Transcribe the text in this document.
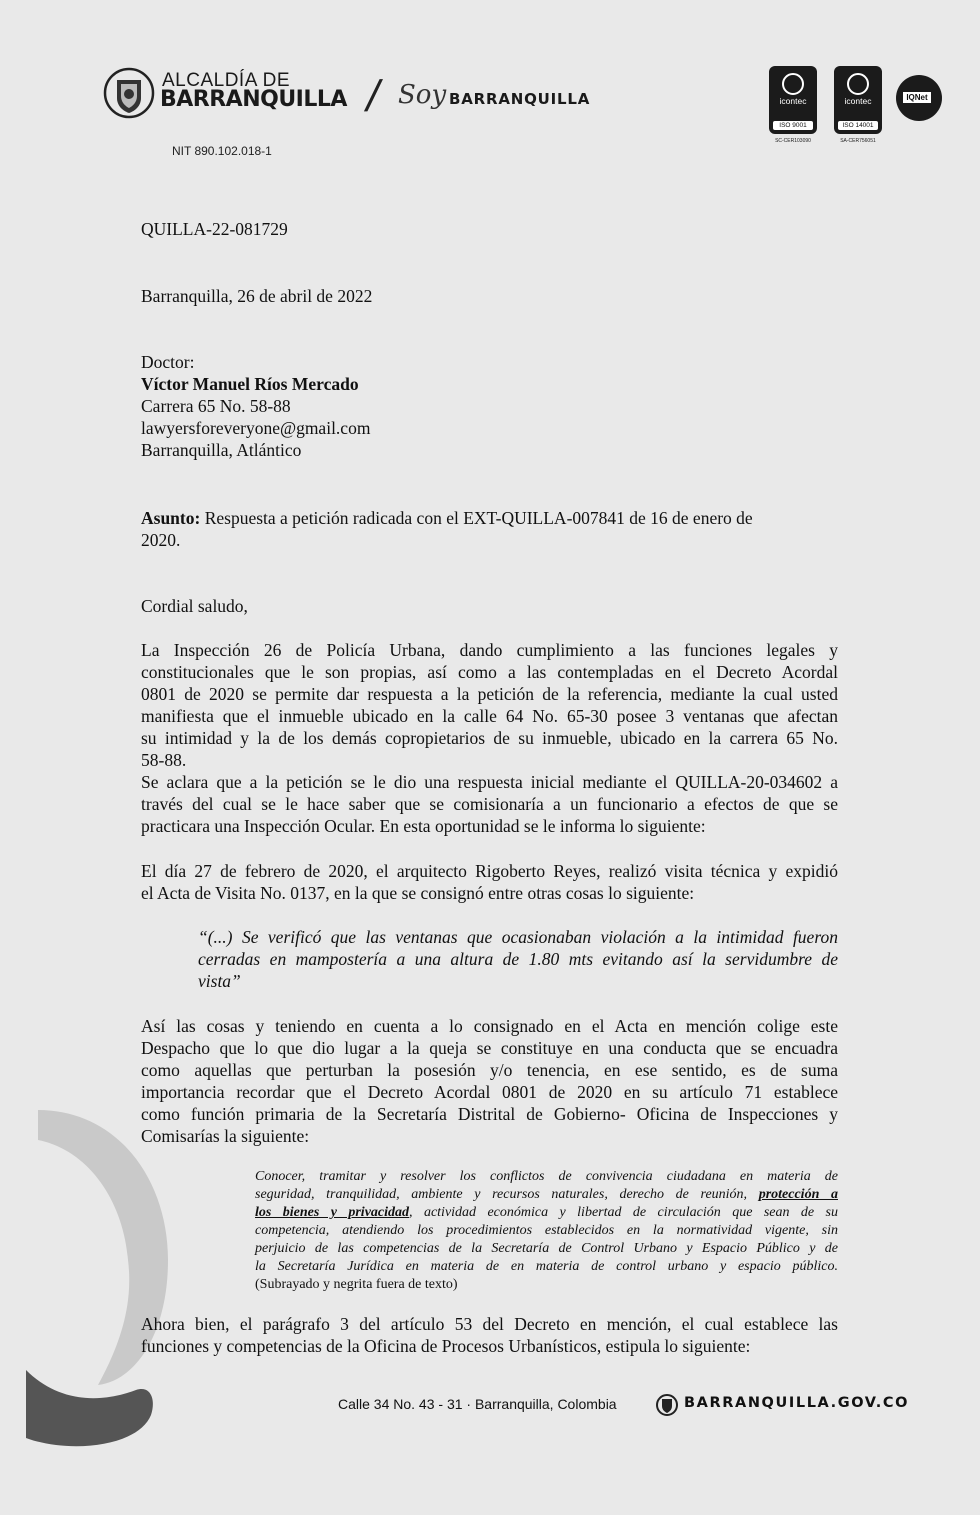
ALCALDÍA DE
BARRANQUILLA / Soy BARRANQUILLA
NIT 890.102.018-1
icontec
ISO 9001
SC-CER103090
icontec
ISO 14001
SA-CER756051
IQNet
QUILLA-22-081729
Barranquilla, 26 de abril de 2022
Doctor:
Víctor Manuel Ríos Mercado
Carrera 65 No. 58-88
lawyersforeveryone@gmail.com
Barranquilla, Atlántico
Asunto: Respuesta a petición radicada con el EXT-QUILLA-007841 de 16 de enero de
2020.
Cordial saludo,
La Inspección 26 de Policía Urbana, dando cumplimiento a las funciones legales y
constitucionales que le son propias, así como a las contempladas en el Decreto Acordal
0801 de 2020 se permite dar respuesta a la petición de la referencia, mediante la cual usted
manifiesta que el inmueble ubicado en la calle 64 No. 65-30 posee 3 ventanas que afectan
su intimidad y la de los demás copropietarios de su inmueble, ubicado en la carrera 65 No.
58-88.
Se aclara que a la petición se le dio una respuesta inicial mediante el QUILLA-20-034602 a
través del cual se le hace saber que se comisionaría a un funcionario a efectos de que se
practicara una Inspección Ocular. En esta oportunidad se le informa lo siguiente:
El día 27 de febrero de 2020, el arquitecto Rigoberto Reyes, realizó visita técnica y expidió
el Acta de Visita No. 0137, en la que se consignó entre otras cosas lo siguiente:
“(...) Se verificó que las ventanas que ocasionaban violación a la intimidad fueron
cerradas en mampostería a una altura de 1.80 mts evitando así la servidumbre de
vista”
Así las cosas y teniendo en cuenta a lo consignado en el Acta en mención colige este
Despacho que lo que dio lugar a la queja se constituye en una conducta que se encuadra
como aquellas que perturban la posesión y/o tenencia, en ese sentido, es de suma
importancia recordar que el Decreto Acordal 0801 de 2020 en su artículo 71 establece
como función primaria de la Secretaría Distrital de Gobierno- Oficina de Inspecciones y
Comisarías la siguiente:
Conocer, tramitar y resolver los conflictos de convivencia ciudadana en materia de
seguridad, tranquilidad, ambiente y recursos naturales, derecho de reunión, protección a
los bienes y privacidad, actividad económica y libertad de circulación que sean de su
competencia, atendiendo los procedimientos establecidos en la normatividad vigente, sin
perjuicio de las competencias de la Secretaría de Control Urbano y Espacio Público y de
la Secretaría Jurídica en materia de en materia de control urbano y espacio público.
(Subrayado y negrita fuera de texto)
Ahora bien, el parágrafo 3 del artículo 53 del Decreto en mención, el cual establece las
funciones y competencias de la Oficina de Procesos Urbanísticos, estipula lo siguiente:
Calle 34 No. 43 - 31 · Barranquilla, Colombia	BARRANQUILLA.GOV.CO
